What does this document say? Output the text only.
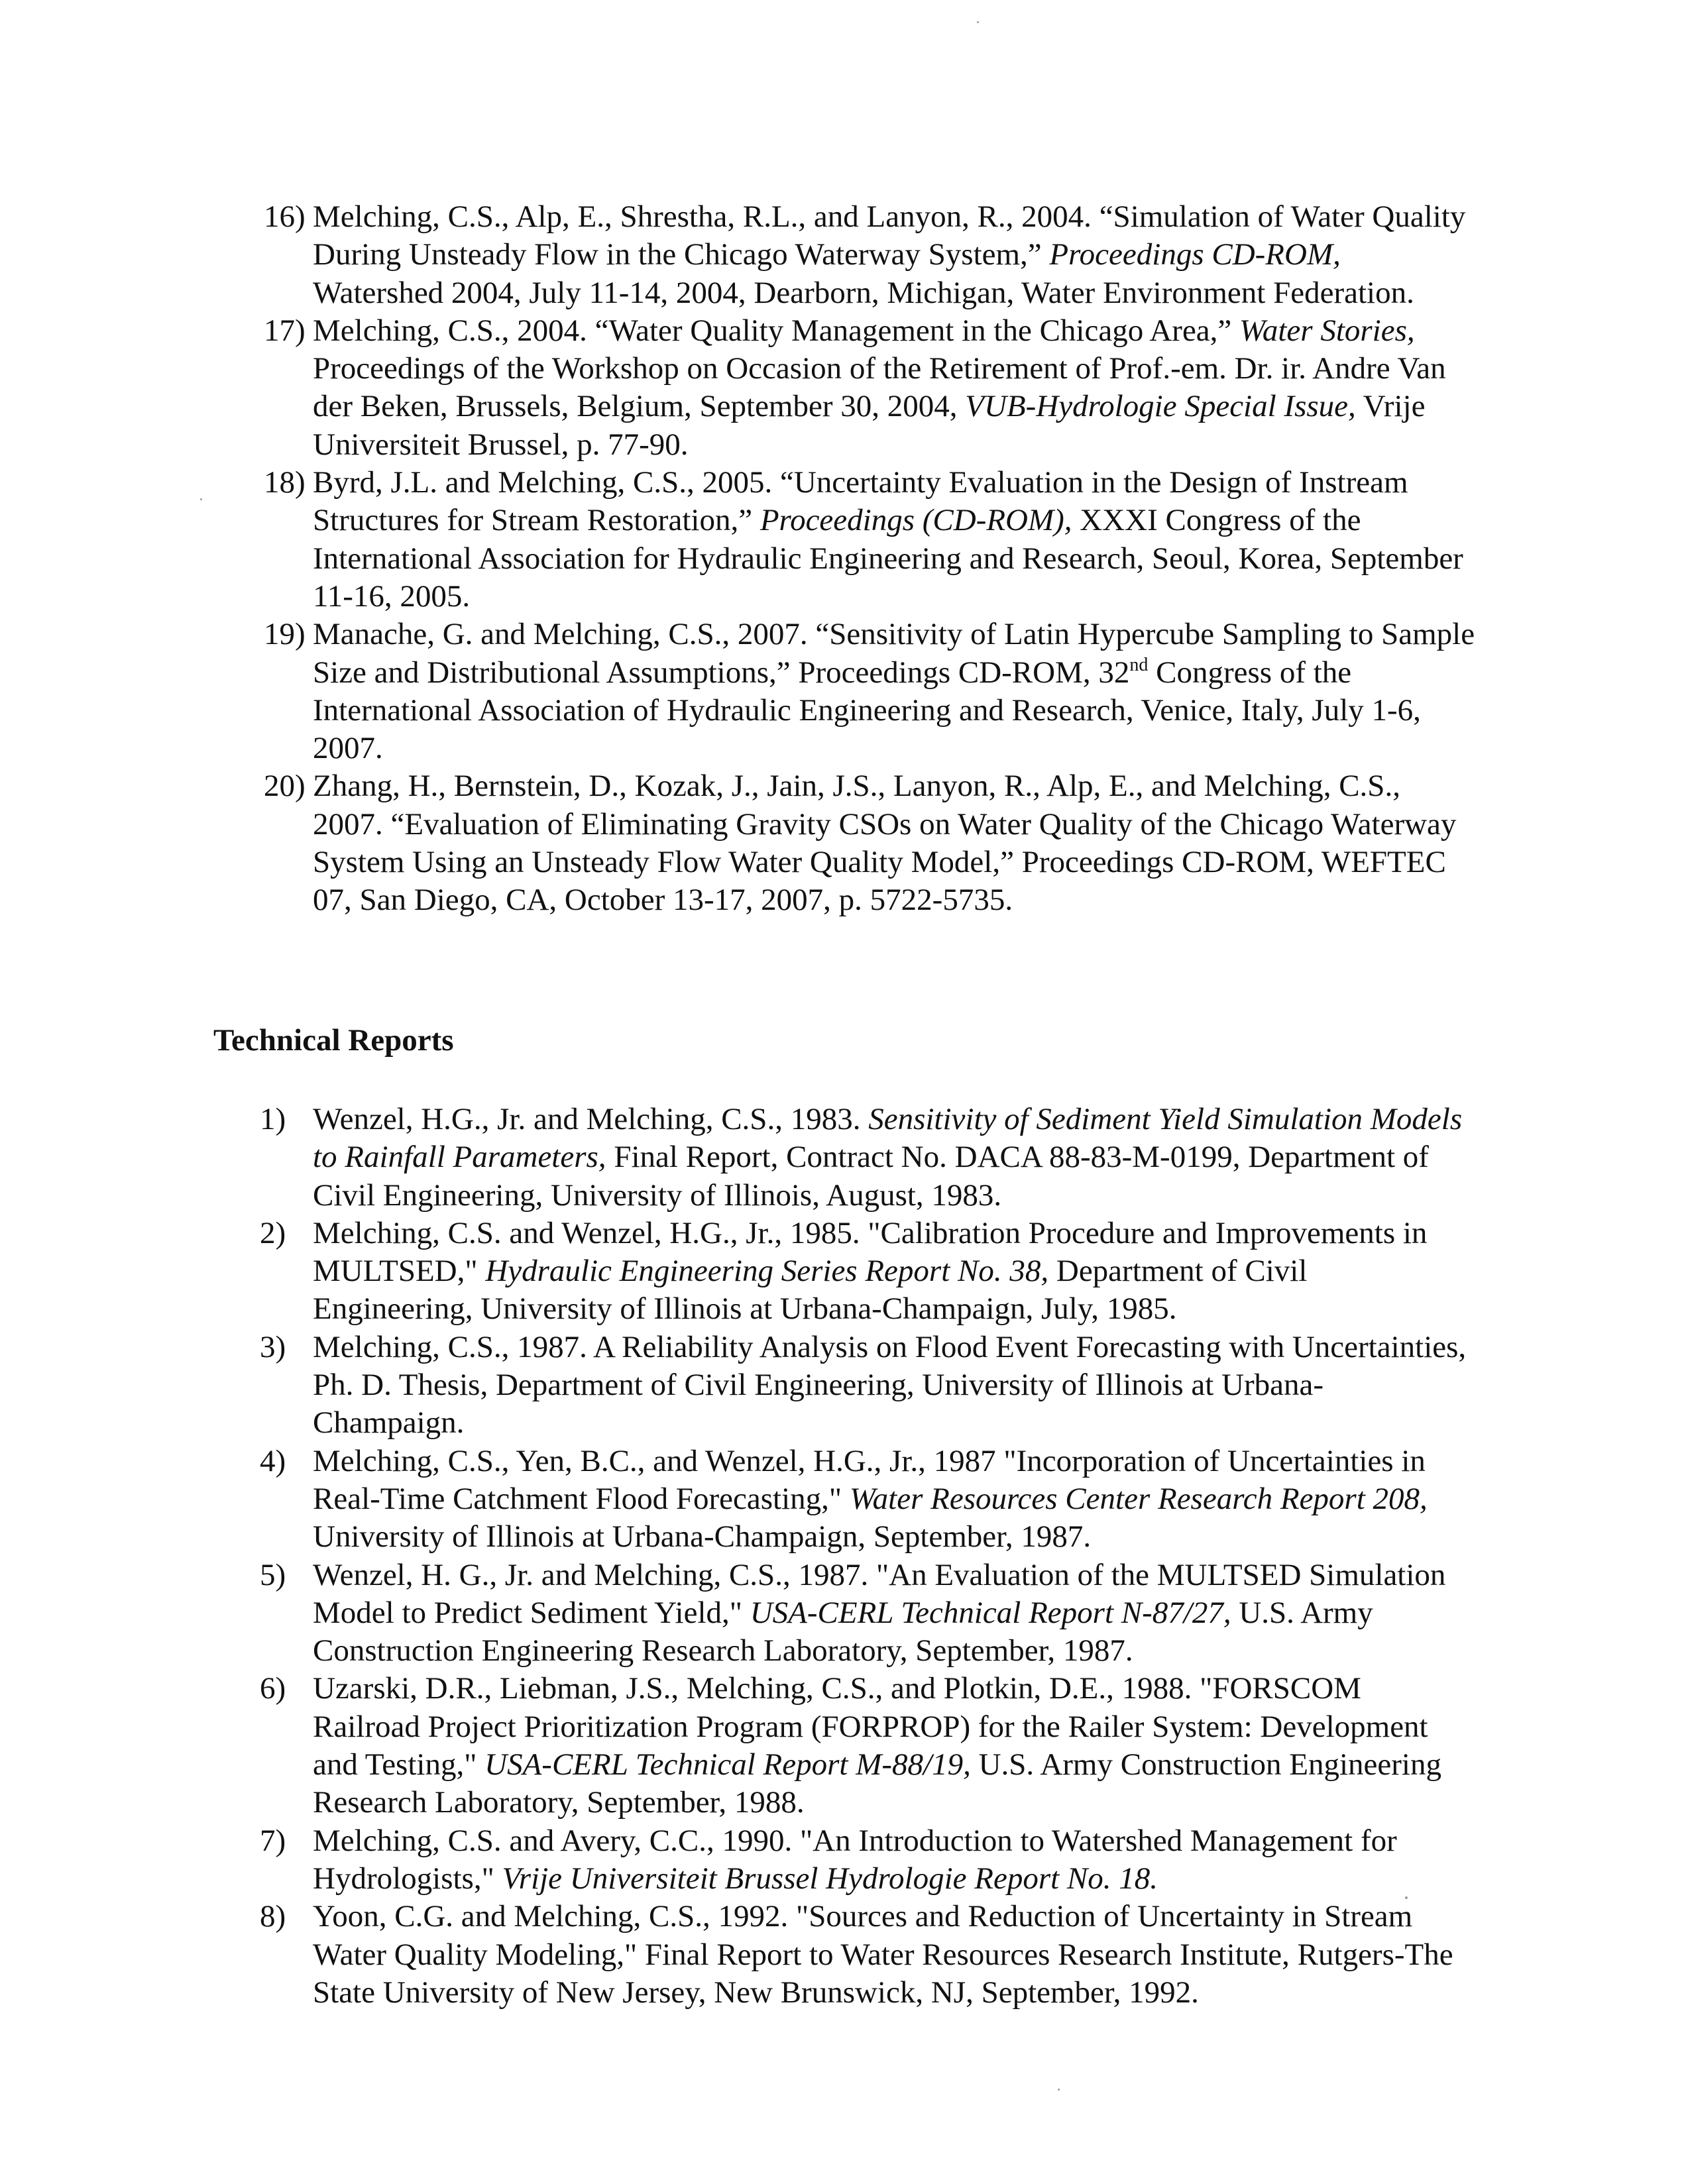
16) Melching, C.S., Alp, E., Shrestha, R.L., and Lanyon, R., 2004. “Simulation of Water Quality During Unsteady Flow in the Chicago Waterway System,” Proceedings CD-ROM, Watershed 2004, July 11-14, 2004, Dearborn, Michigan, Water Environment Federation.

17) Melching, C.S., 2004. “Water Quality Management in the Chicago Area,” Water Stories, Proceedings of the Workshop on Occasion of the Retirement of Prof.-em. Dr. ir. Andre Van der Beken, Brussels, Belgium, September 30, 2004, VUB-Hydrologie Special Issue, Vrije Universiteit Brussel, p. 77-90.

18) Byrd, J.L. and Melching, C.S., 2005. “Uncertainty Evaluation in the Design of Instream Structures for Stream Restoration,” Proceedings (CD-ROM), XXXI Congress of the International Association for Hydraulic Engineering and Research, Seoul, Korea, September 11-16, 2005.

19) Manache, G. and Melching, C.S., 2007. “Sensitivity of Latin Hypercube Sampling to Sample Size and Distributional Assumptions,” Proceedings CD-ROM, 32nd Congress of the International Association of Hydraulic Engineering and Research, Venice, Italy, July 1-6, 2007.

20) Zhang, H., Bernstein, D., Kozak, J., Jain, J.S., Lanyon, R., Alp, E., and Melching, C.S., 2007. “Evaluation of Eliminating Gravity CSOs on Water Quality of the Chicago Waterway System Using an Unsteady Flow Water Quality Model,” Proceedings CD-ROM, WEFTEC 07, San Diego, CA, October 13-17, 2007, p. 5722-5735.

Technical Reports

1) Wenzel, H.G., Jr. and Melching, C.S., 1983. Sensitivity of Sediment Yield Simulation Models to Rainfall Parameters, Final Report, Contract No. DACA 88-83-M-0199, Department of Civil Engineering, University of Illinois, August, 1983.

2) Melching, C.S. and Wenzel, H.G., Jr., 1985. "Calibration Procedure and Improvements in MULTSED," Hydraulic Engineering Series Report No. 38, Department of Civil Engineering, University of Illinois at Urbana-Champaign, July, 1985.

3) Melching, C.S., 1987. A Reliability Analysis on Flood Event Forecasting with Uncertainties, Ph. D. Thesis, Department of Civil Engineering, University of Illinois at Urbana-Champaign.

4) Melching, C.S., Yen, B.C., and Wenzel, H.G., Jr., 1987 "Incorporation of Uncertainties in Real-Time Catchment Flood Forecasting," Water Resources Center Research Report 208, University of Illinois at Urbana-Champaign, September, 1987.

5) Wenzel, H. G., Jr. and Melching, C.S., 1987. "An Evaluation of the MULTSED Simulation Model to Predict Sediment Yield," USA-CERL Technical Report N-87/27, U.S. Army Construction Engineering Research Laboratory, September, 1987.

6) Uzarski, D.R., Liebman, J.S., Melching, C.S., and Plotkin, D.E., 1988. "FORSCOM Railroad Project Prioritization Program (FORPROP) for the Railer System: Development and Testing," USA-CERL Technical Report M-88/19, U.S. Army Construction Engineering Research Laboratory, September, 1988.

7) Melching, C.S. and Avery, C.C., 1990. "An Introduction to Watershed Management for Hydrologists," Vrije Universiteit Brussel Hydrologie Report No. 18.

8) Yoon, C.G. and Melching, C.S., 1992. "Sources and Reduction of Uncertainty in Stream Water Quality Modeling," Final Report to Water Resources Research Institute, Rutgers-The State University of New Jersey, New Brunswick, NJ, September, 1992.
